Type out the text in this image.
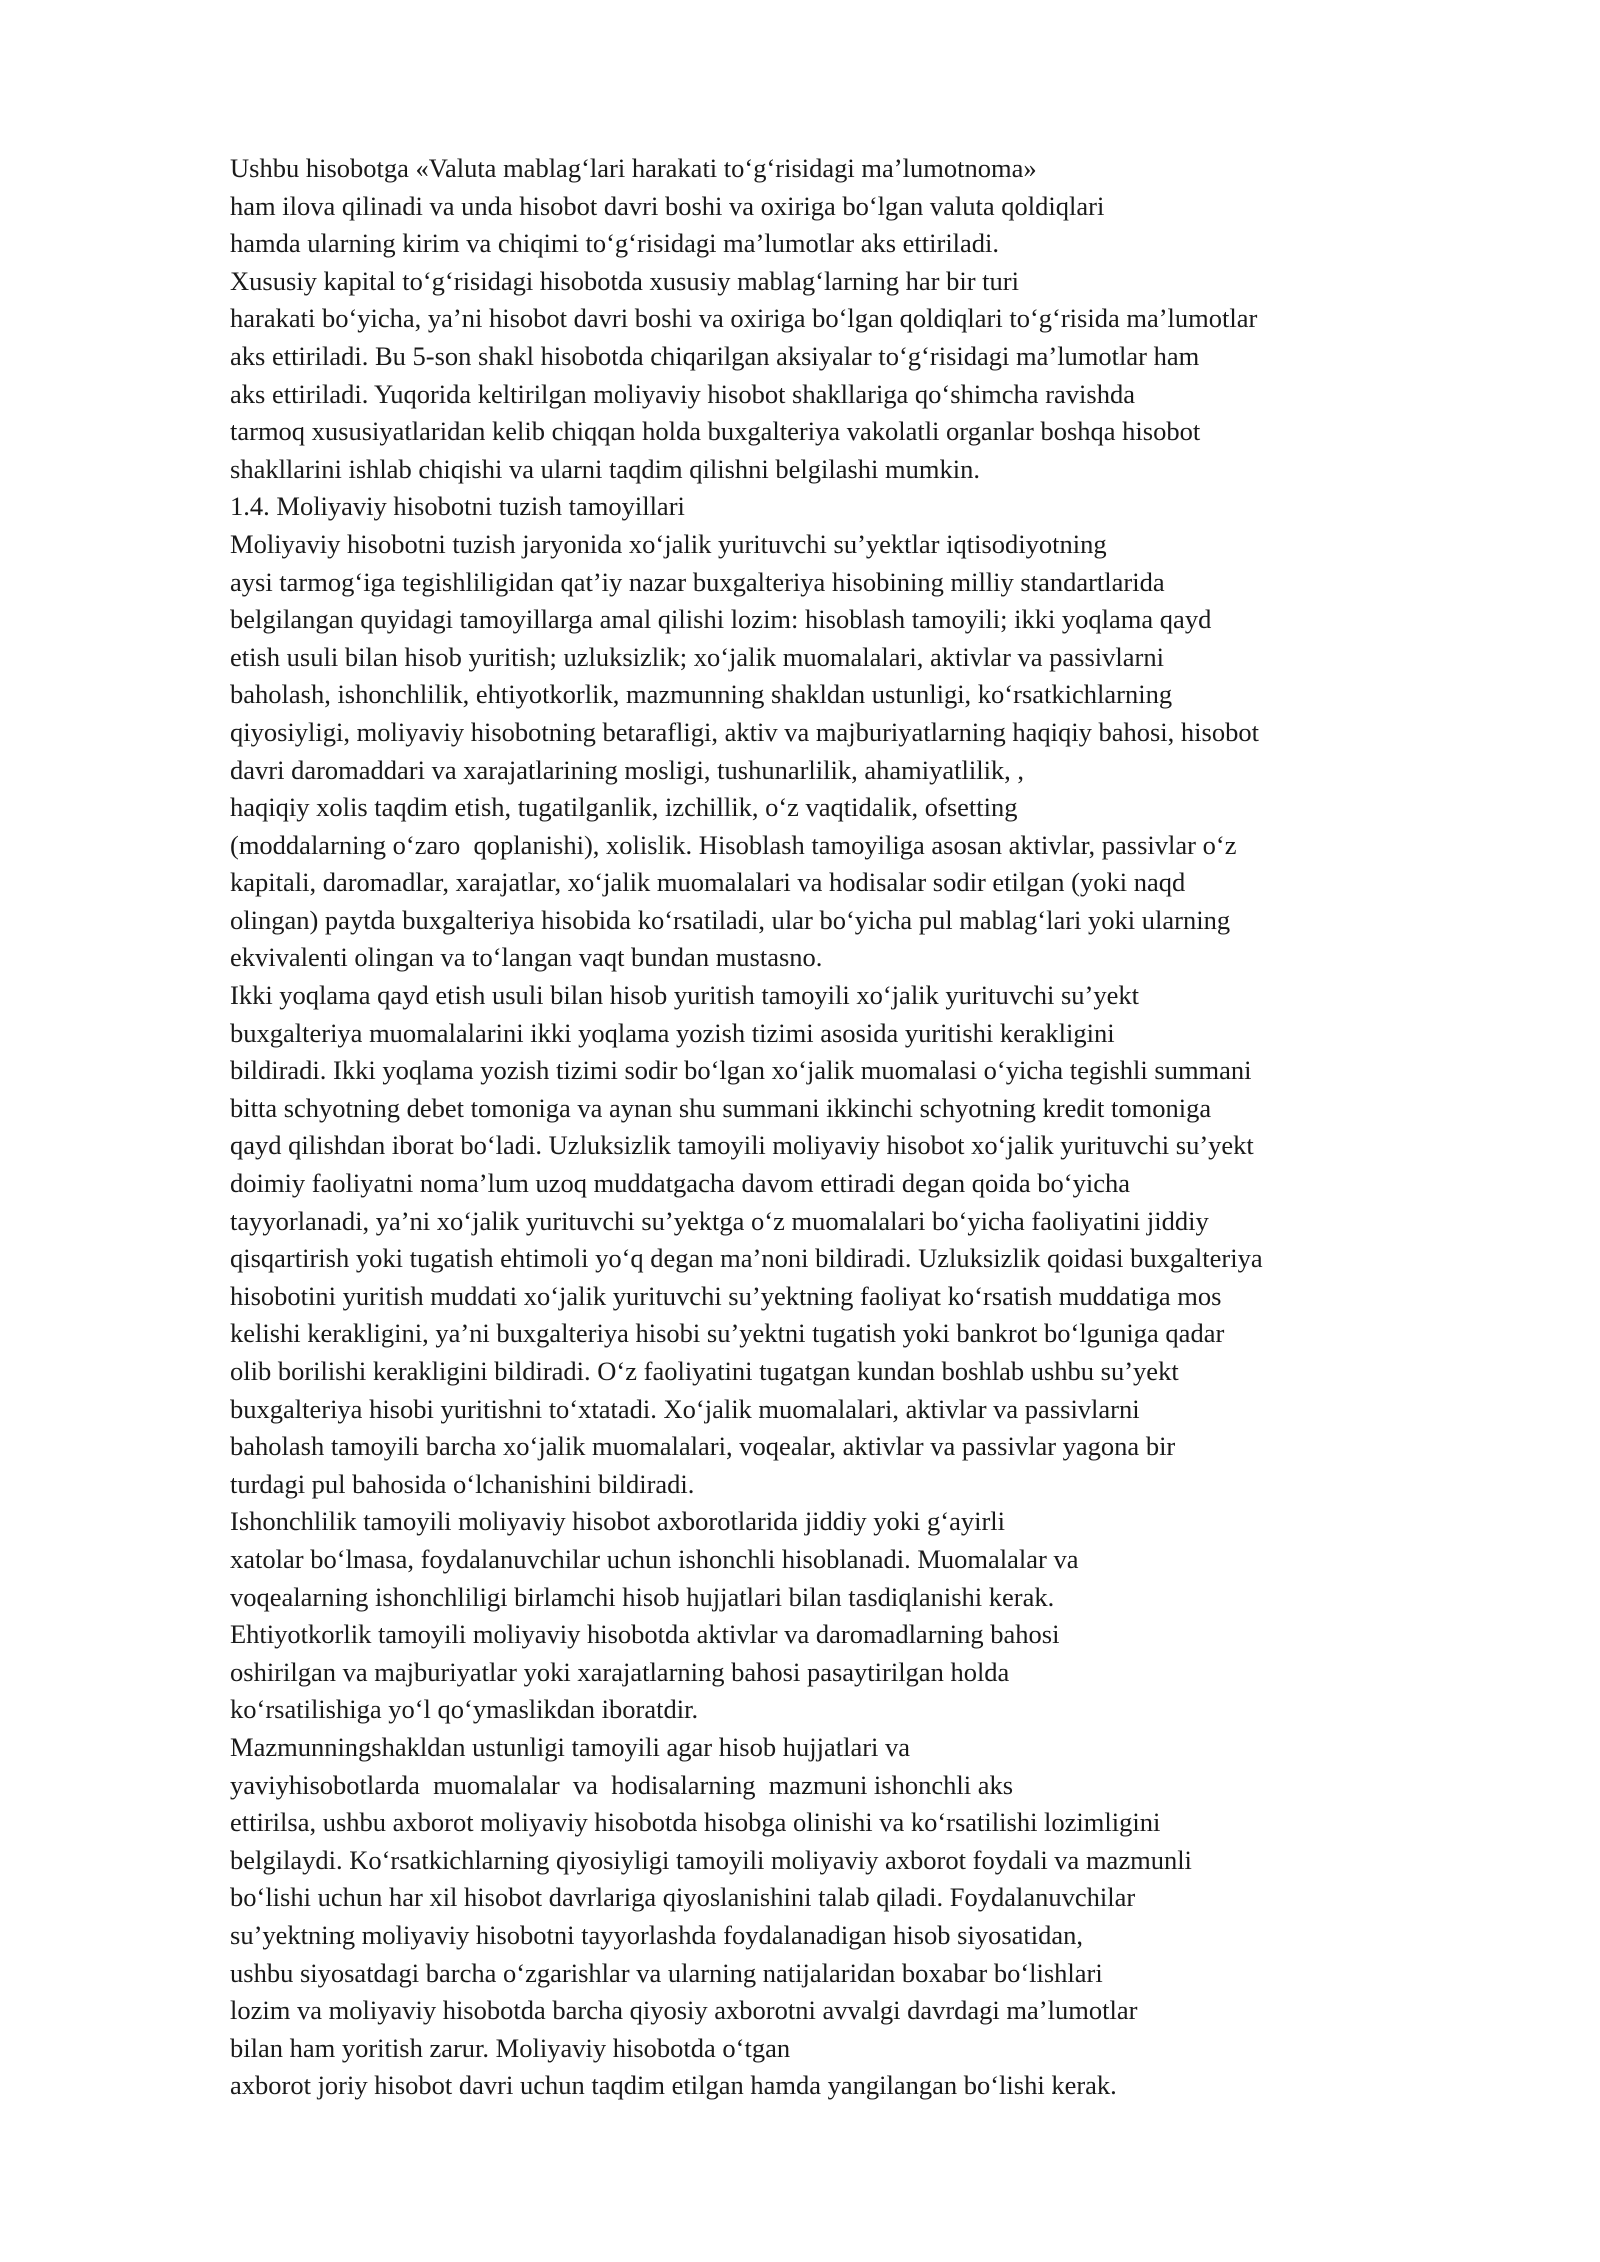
Ushbu hisobotga «Valuta mablag‘lari harakati to‘g‘risidagi ma’lumotnoma»
ham ilova qilinadi va unda hisobot davri boshi va oxiriga bo‘lgan valuta qoldiqlari
hamda ularning kirim va chiqimi to‘g‘risidagi ma’lumotlar aks ettiriladi.
Xususiy kapital to‘g‘risidagi hisobotda xususiy mablag‘larning har bir turi
harakati bo‘yicha, ya’ni hisobot davri boshi va oxiriga bo‘lgan qoldiqlari to‘g‘risida ma’lumotlar
aks ettiriladi. Bu 5-son shakl hisobotda chiqarilgan aksiyalar to‘g‘risidagi ma’lumotlar ham
aks ettiriladi. Yuqorida keltirilgan moliyaviy hisobot shakllariga qo‘shimcha ravishda
tarmoq xususiyatlaridan kelib chiqqan holda buxgalteriya vakolatli organlar boshqa hisobot
shakllarini ishlab chiqishi va ularni taqdim qilishni belgilashi mumkin.
1.4. Moliyaviy hisobotni tuzish tamoyillari
Moliyaviy hisobotni tuzish jaryonida xo‘jalik yurituvchi su’yektlar iqtisodiyotning
aysi tarmog‘iga tegishliligidan qat’iy nazar buxgalteriya hisobining milliy standartlarida
belgilangan quyidagi tamoyillarga amal qilishi lozim: hisoblash tamoyili; ikki yoqlama qayd
etish usuli bilan hisob yuritish; uzluksizlik; xo‘jalik muomalalari, aktivlar va passivlarni
baholash, ishonchlilik, ehtiyotkorlik, mazmunning shakldan ustunligi, ko‘rsatkichlarning
qiyosiyligi, moliyaviy hisobotning betarafligi, aktiv va majburiyatlarning haqiqiy bahosi, hisobot
davri daromaddari va xarajatlarining mosligi, tushunarlilik, ahamiyatlilik, ,
haqiqiy xolis taqdim etish, tugatilganlik, izchillik, o‘z vaqtidalik, ofsetting
(moddalarning o‘zaro  qoplanishi), xolislik. Hisoblash tamoyiliga asosan aktivlar, passivlar o‘z
kapitali, daromadlar, xarajatlar, xo‘jalik muomalalari va hodisalar sodir etilgan (yoki naqd
olingan) paytda buxgalteriya hisobida ko‘rsatiladi, ular bo‘yicha pul mablag‘lari yoki ularning
ekvivalenti olingan va to‘langan vaqt bundan mustasno.
Ikki yoqlama qayd etish usuli bilan hisob yuritish tamoyili xo‘jalik yurituvchi su’yekt
buxgalteriya muomalalarini ikki yoqlama yozish tizimi asosida yuritishi kerakligini
bildiradi. Ikki yoqlama yozish tizimi sodir bo‘lgan xo‘jalik muomalasi o‘yicha tegishli summani
bitta schyotning debet tomoniga va aynan shu summani ikkinchi schyotning kredit tomoniga
qayd qilishdan iborat bo‘ladi. Uzluksizlik tamoyili moliyaviy hisobot xo‘jalik yurituvchi su’yekt
doimiy faoliyatni noma’lum uzoq muddatgacha davom ettiradi degan qoida bo‘yicha
tayyorlanadi, ya’ni xo‘jalik yurituvchi su’yektga o‘z muomalalari bo‘yicha faoliyatini jiddiy
qisqartirish yoki tugatish ehtimoli yo‘q degan ma’noni bildiradi. Uzluksizlik qoidasi buxgalteriya
hisobotini yuritish muddati xo‘jalik yurituvchi su’yektning faoliyat ko‘rsatish muddatiga mos
kelishi kerakligini, ya’ni buxgalteriya hisobi su’yektni tugatish yoki bankrot bo‘lguniga qadar
olib borilishi kerakligini bildiradi. O‘z faoliyatini tugatgan kundan boshlab ushbu su’yekt
buxgalteriya hisobi yuritishni to‘xtatadi. Xo‘jalik muomalalari, aktivlar va passivlarni
baholash tamoyili barcha xo‘jalik muomalalari, voqealar, aktivlar va passivlar yagona bir
turdagi pul bahosida o‘lchanishini bildiradi.
Ishonchlilik tamoyili moliyaviy hisobot axborotlarida jiddiy yoki g‘ayirli
xatolar bo‘lmasa, foydalanuvchilar uchun ishonchli hisoblanadi. Muomalalar va
voqealarning ishonchliligi birlamchi hisob hujjatlari bilan tasdiqlanishi kerak.
Ehtiyotkorlik tamoyili moliyaviy hisobotda aktivlar va daromadlarning bahosi
oshirilgan va majburiyatlar yoki xarajatlarning bahosi pasaytirilgan holda
ko‘rsatilishiga yo‘l qo‘ymaslikdan iboratdir.
Mazmunningshakldan ustunligi tamoyili agar hisob hujjatlari va
yaviyhisobotlarda  muomalalar  va  hodisalarning  mazmuni ishonchli aks
ettirilsa, ushbu axborot moliyaviy hisobotda hisobga olinishi va ko‘rsatilishi lozimligini
belgilaydi. Ko‘rsatkichlarning qiyosiyligi tamoyili moliyaviy axborot foydali va mazmunli
bo‘lishi uchun har xil hisobot davrlariga qiyoslanishini talab qiladi. Foydalanuvchilar
su’yektning moliyaviy hisobotni tayyorlashda foydalanadigan hisob siyosatidan,
ushbu siyosatdagi barcha o‘zgarishlar va ularning natijalaridan boxabar bo‘lishlari
lozim va moliyaviy hisobotda barcha qiyosiy axborotni avvalgi davrdagi ma’lumotlar
bilan ham yoritish zarur. Moliyaviy hisobotda o‘tgan
axborot joriy hisobot davri uchun taqdim etilgan hamda yangilangan bo‘lishi kerak.
